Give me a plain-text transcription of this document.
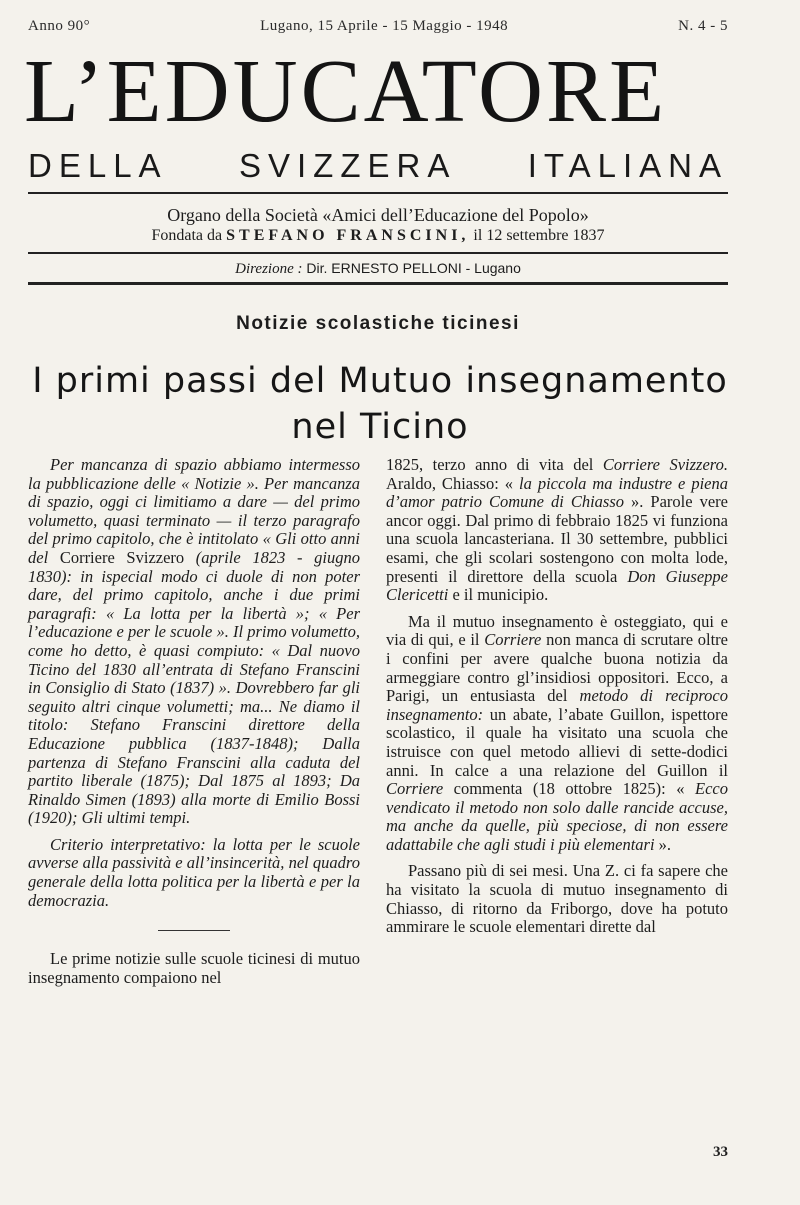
Anno 90°	Lugano, 15 Aprile - 15 Maggio - 1948	N. 4 - 5
L’EDUCATORE
DELLA SVIZZERA ITALIANA
Organo della Società «Amici dell’Educazione del Popolo»
Fondata da STEFANO FRANSCINI, il 12 settembre 1837
Direzione : Dir. ERNESTO PELLONI - Lugano
Notizie scolastiche ticinesi
I primi passi del Mutuo insegnamento
nel Ticino

Per mancanza di spazio abbiamo intermesso la pubblicazione delle « Notizie ». Per mancanza di spazio, oggi ci limitiamo a dare — del primo volumetto, quasi terminato — il terzo paragrafo del primo capitolo, che è intitolato « Gli otto anni del Corriere Svizzero (aprile 1823 - giugno 1830): in ispecial modo ci duole di non poter dare, del primo capitolo, anche i due primi paragrafi: « La lotta per la libertà »; « Per l’educazione e per le scuole ». Il primo volumetto, come ho detto, è quasi compiuto: « Dal nuovo Ticino del 1830 all’entrata di Stefano Franscini in Consiglio di Stato (1837) ». Dovrebbero far gli seguito altri cinque volumetti; ma... Ne diamo il titolo: Stefano Franscini direttore della Educazione pubblica (1837-1848); Dalla partenza di Stefano Franscini alla caduta del partito liberale (1875); Dal 1875 al 1893; Da Rinaldo Simen (1893) alla morte di Emilio Bossi (1920); Gli ultimi tempi.

Criterio interpretativo: la lotta per le scuole avverse alla passività e all’insincerità, nel quadro generale della lotta politica per la libertà e per la democrazia.

Le prime notizie sulle scuole ticinesi di mutuo insegnamento compaiono nel

1825, terzo anno di vita del Corriere Svizzero. Araldo, Chiasso: « la piccola ma industre e piena d’amor patrio Comune di Chiasso ». Parole vere ancor oggi. Dal primo di febbraio 1825 vi funziona una scuola lancasteriana. Il 30 settembre, pubblici esami, che gli scolari sostengono con molta lode, presenti il direttore della scuola Don Giuseppe Clericetti e il municipio.

Ma il mutuo insegnamento è osteggiato, qui e via di qui, e il Corriere non manca di scrutare oltre i confini per avere qualche buona notizia da armeggiare contro gl’insidiosi oppositori. Ecco, a Parigi, un entusiasta del metodo di reciproco insegnamento: un abate, l’abate Guillon, ispettore scolastico, il quale ha visitato una scuola che istruisce con quel metodo allievi di sette-dodici anni. In calce a una relazione del Guillon il Corriere commenta (18 ottobre 1825): « Ecco vendicato il metodo non solo dalle rancide accuse, ma anche da quelle, più speciose, di non essere adattabile che agli studi i più elementari ».

Passano più di sei mesi. Una Z. ci fa sapere che ha visitato la scuola di mutuo insegnamento di Chiasso, di ritorno da Friborgo, dove ha potuto ammirare le scuole elementari dirette dal

33
